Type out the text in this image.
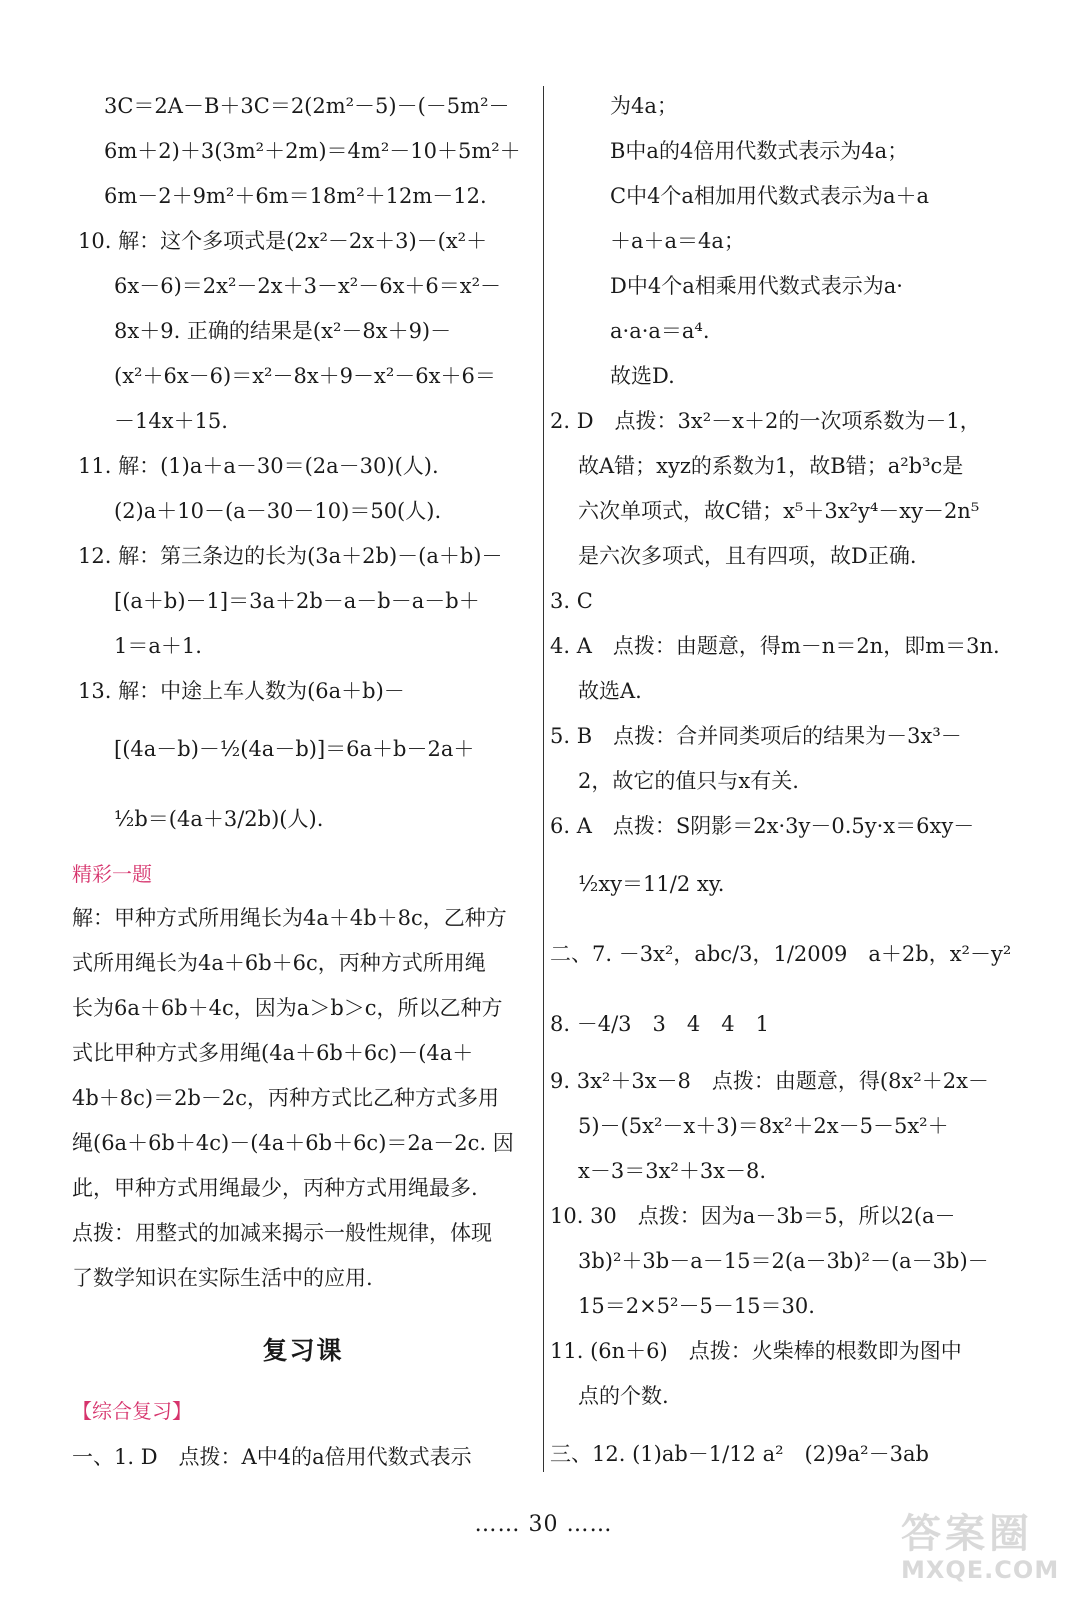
3C＝2A－B＋3C＝2(2m²－5)－(－5m²－
6m＋2)＋3(3m²＋2m)＝4m²－10＋5m²＋
6m－2＋9m²＋6m＝18m²＋12m－12.
10. 解：这个多项式是(2x²－2x＋3)－(x²＋
6x－6)＝2x²－2x＋3－x²－6x＋6＝x²－
8x＋9. 正确的结果是(x²－8x＋9)－
(x²＋6x－6)＝x²－8x＋9－x²－6x＋6＝
－14x＋15.
11. 解：(1)a＋a－30＝(2a－30)(人).
(2)a＋10－(a－30－10)＝50(人).
12. 解：第三条边的长为(3a＋2b)－(a＋b)－
[(a＋b)－1]＝3a＋2b－a－b－a－b＋
1＝a＋1.
13. 解：中途上车人数为(6a＋b)－
[(4a－b)－½(4a－b)]＝6a＋b－2a＋
½b＝(4a＋3/2b)(人).
精彩一题
解：甲种方式所用绳长为4a＋4b＋8c，乙种方
式所用绳长为4a＋6b＋6c，丙种方式所用绳
长为6a＋6b＋4c，因为a＞b＞c，所以乙种方
式比甲种方式多用绳(4a＋6b＋6c)－(4a＋
4b＋8c)＝2b－2c，丙种方式比乙种方式多用
绳(6a＋6b＋4c)－(4a＋6b＋6c)＝2a－2c. 因
此，甲种方式用绳最少，丙种方式用绳最多.
点拨：用整式的加减来揭示一般性规律，体现
了数学知识在实际生活中的应用.
复习课
【综合复习】
一、1. D　点拨：A中4的a倍用代数式表示
为4a；
B中a的4倍用代数式表示为4a；
C中4个a相加用代数式表示为a＋a
＋a＋a＝4a；
D中4个a相乘用代数式表示为a·
a·a·a＝a⁴.
故选D.
2. D　点拨：3x²－x＋2的一次项系数为－1，
故A错；xyz的系数为1，故B错；a²b³c是
六次单项式，故C错；x⁵＋3x²y⁴－xy－2n⁵
是六次多项式，且有四项，故D正确.
3. C
4. A　点拨：由题意，得m－n＝2n，即m＝3n.
故选A.
5. B　点拨：合并同类项后的结果为－3x³－
2，故它的值只与x有关.
6. A　点拨：S阴影＝2x·3y－0.5y·x＝6xy－
½xy＝11/2 xy.
二、7. －3x²，abc/3，1/2009　a＋2b，x²－y²
8. －4/3　3　4　4　1
9. 3x²＋3x－8　点拨：由题意，得(8x²＋2x－
5)－(5x²－x＋3)＝8x²＋2x－5－5x²＋
x－3＝3x²＋3x－8.
10. 30　点拨：因为a－3b＝5，所以2(a－
3b)²＋3b－a－15＝2(a－3b)²－(a－3b)－
15＝2×5²－5－15＝30.
11. (6n＋6)　点拨：火柴棒的根数即为图中
点的个数.
三、12. (1)ab－1/12 a²　(2)9a²－3ab
…… 30 ……	答案圈
MXQE.COM
